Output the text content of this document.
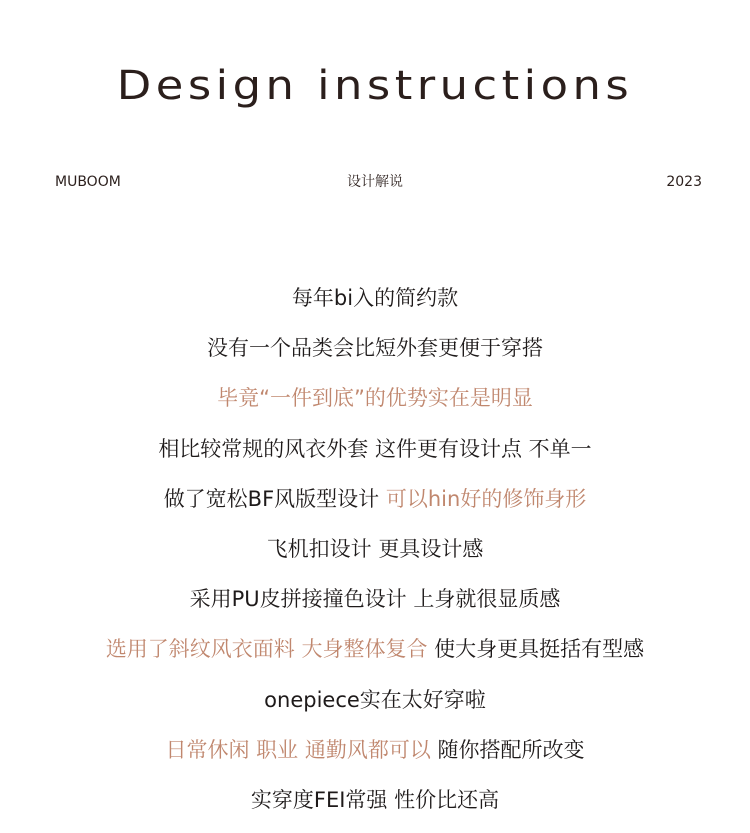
Design instructions
MUBOOM	设计解说	2023
每年bi入的简约款
没有一个品类会比短外套更便于穿搭
毕竟“一件到底”的优势实在是明显
相比较常规的风衣外套 这件更有设计点 不单一
做了宽松BF风版型设计 可以hin好的修饰身形
飞机扣设计 更具设计感
采用PU皮拼接撞色设计 上身就很显质感
选用了斜纹风衣面料 大身整体复合 使大身更具挺括有型感
onepiece实在太好穿啦
日常休闲 职业 通勤风都可以 随你搭配所改变
实穿度FEI常强 性价比还高
